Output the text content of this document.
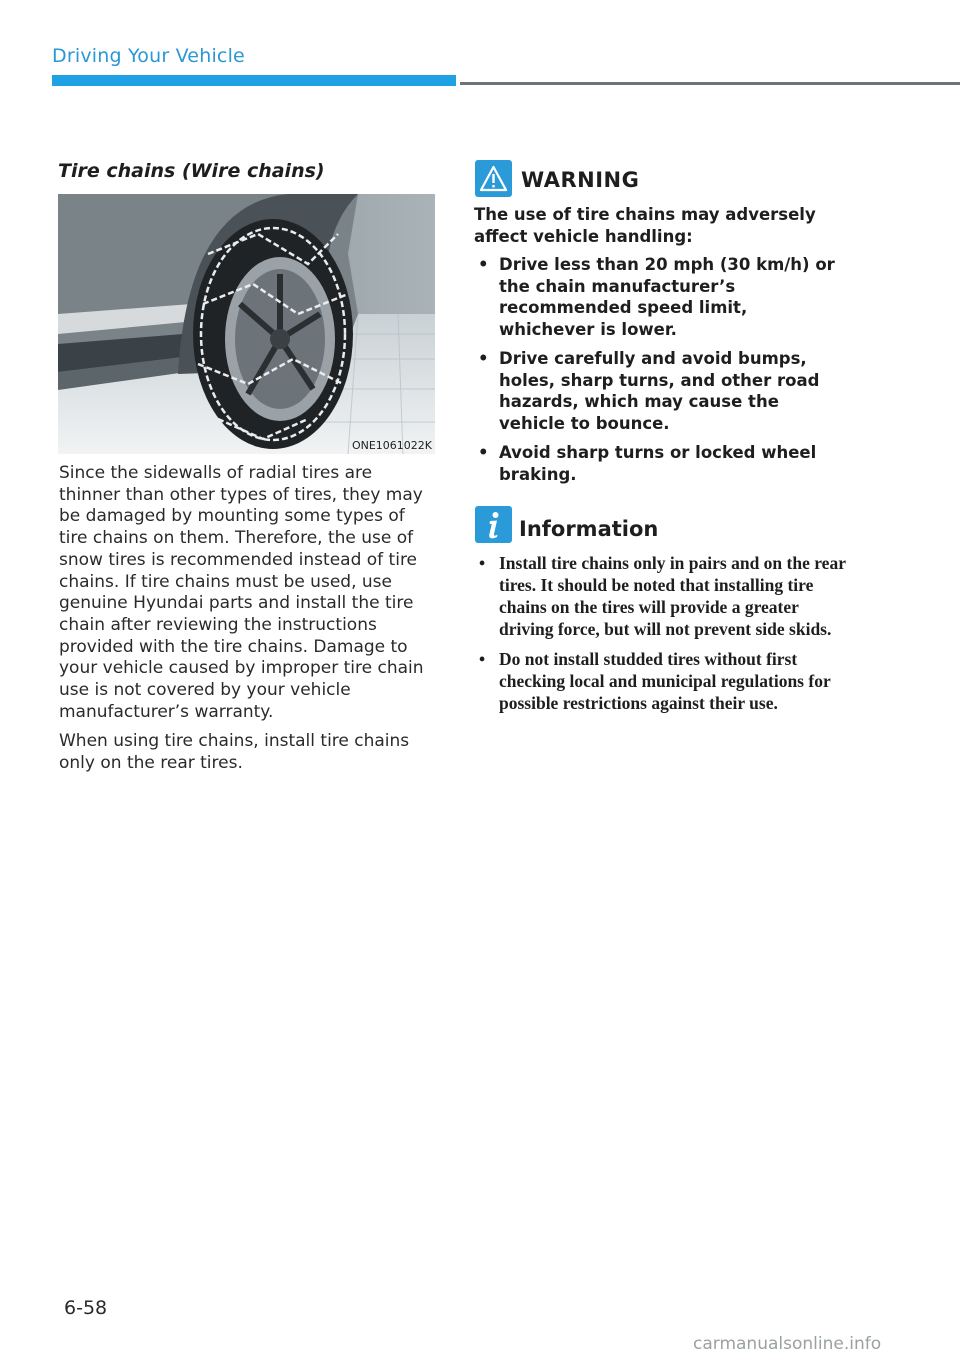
Driving Your Vehicle
Tire chains (Wire chains)
ONE1061022K

Since the sidewalls of radial tires are thinner than other types of tires, they may be damaged by mounting some types of tire chains on them. Therefore, the use of snow tires is recommended instead of tire chains. If tire chains must be used, use genuine Hyundai parts and install the tire chain after reviewing the instructions provided with the tire chains. Damage to your vehicle caused by improper tire chain use is not covered by your vehicle manufacturer’s warranty.

When using tire chains, install tire chains only on the rear tires.

WARNING
The use of tire chains may adversely affect vehicle handling:
• Drive less than 20 mph (30 km/h) or the chain manufacturer’s recommended speed limit, whichever is lower.
• Drive carefully and avoid bumps, holes, sharp turns, and other road hazards, which may cause the vehicle to bounce.
• Avoid sharp turns or locked wheel braking.
Information
• Install tire chains only in pairs and on the rear tires. It should be noted that installing tire chains on the tires will provide a greater driving force, but will not prevent side skids.
• Do not install studded tires without first checking local and municipal regulations for possible restrictions against their use.
6-58
carmanualsonline.info
